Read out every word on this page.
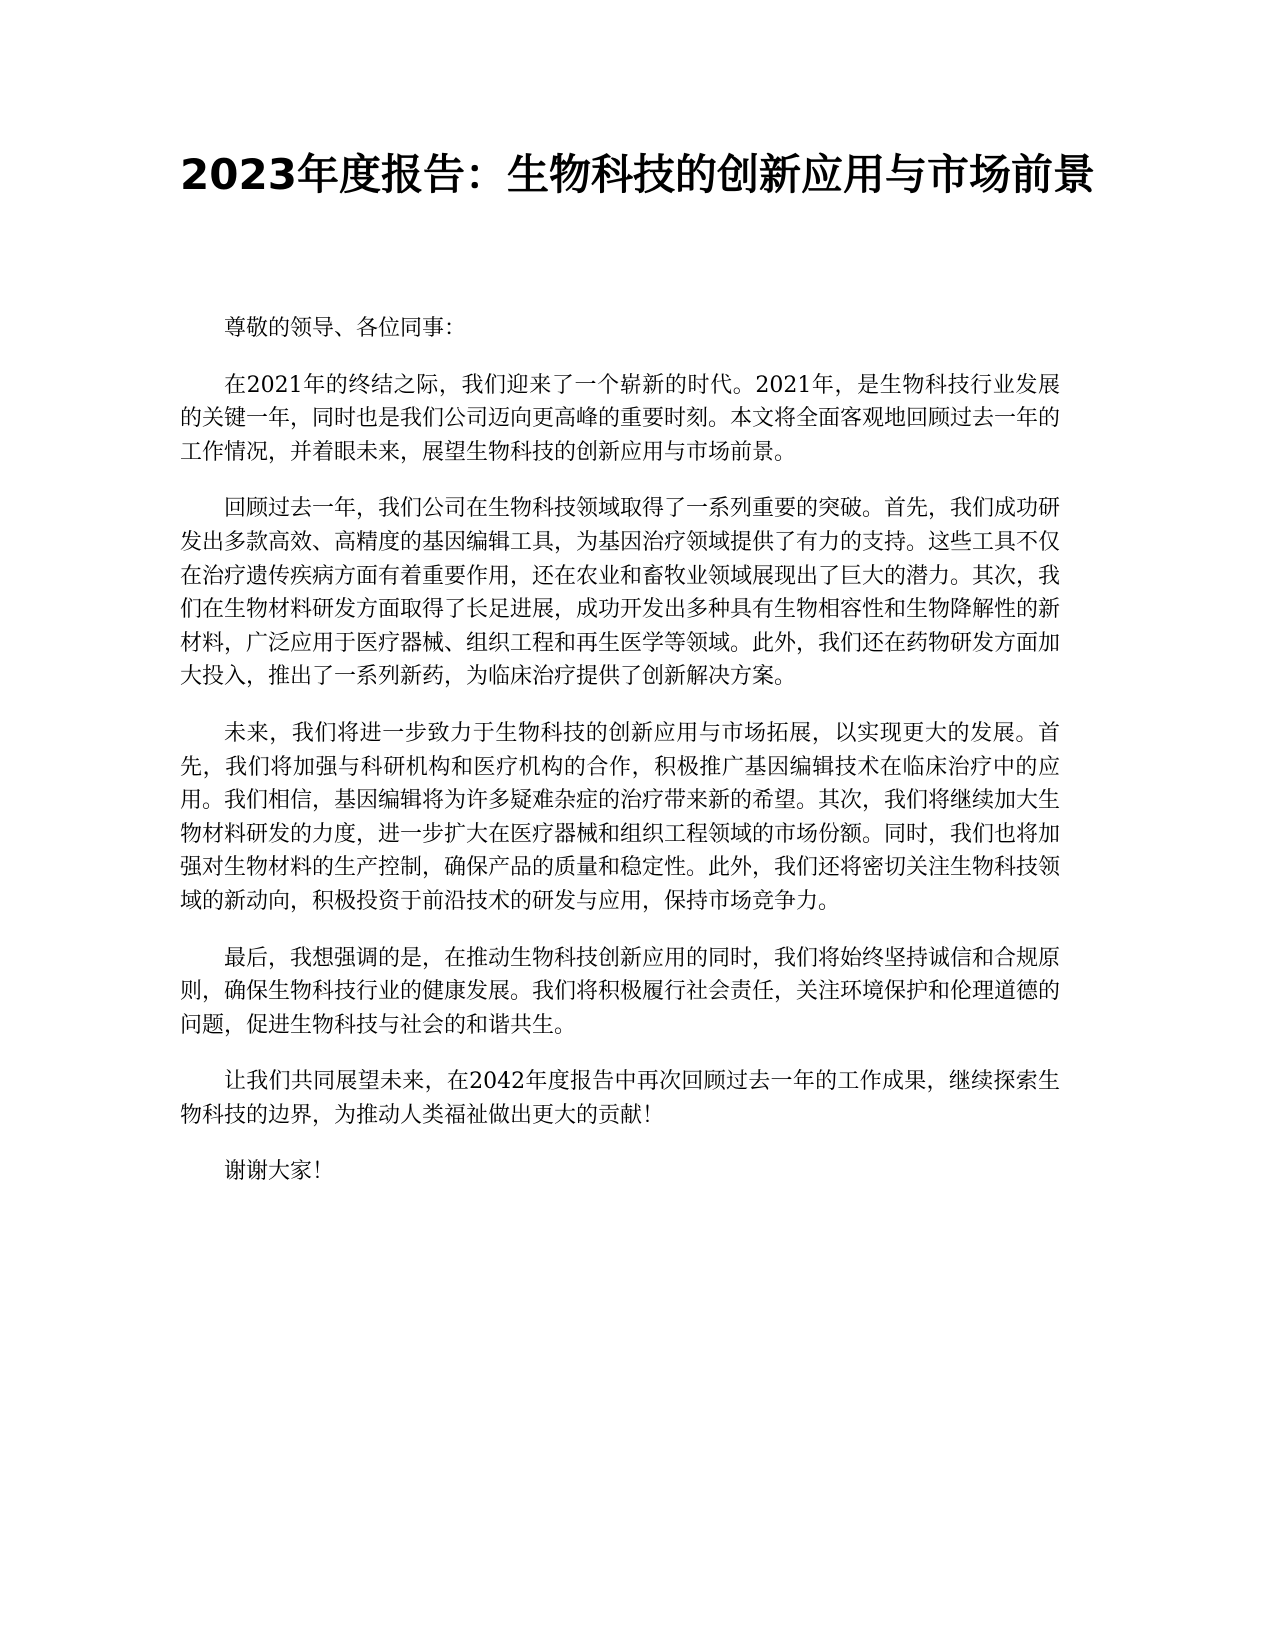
2023年度报告：生物科技的创新应用与市场前景

尊敬的领导、各位同事：

在2021年的终结之际，我们迎来了一个崭新的时代。2021年，是生物科技行业发展的关键一年，同时也是我们公司迈向更高峰的重要时刻。本文将全面客观地回顾过去一年的工作情况，并着眼未来，展望生物科技的创新应用与市场前景。

回顾过去一年，我们公司在生物科技领域取得了一系列重要的突破。首先，我们成功研发出多款高效、高精度的基因编辑工具，为基因治疗领域提供了有力的支持。这些工具不仅在治疗遗传疾病方面有着重要作用，还在农业和畜牧业领域展现出了巨大的潜力。其次，我们在生物材料研发方面取得了长足进展，成功开发出多种具有生物相容性和生物降解性的新材料，广泛应用于医疗器械、组织工程和再生医学等领域。此外，我们还在药物研发方面加大投入，推出了一系列新药，为临床治疗提供了创新解决方案。

未来，我们将进一步致力于生物科技的创新应用与市场拓展，以实现更大的发展。首先，我们将加强与科研机构和医疗机构的合作，积极推广基因编辑技术在临床治疗中的应用。我们相信，基因编辑将为许多疑难杂症的治疗带来新的希望。其次，我们将继续加大生物材料研发的力度，进一步扩大在医疗器械和组织工程领域的市场份额。同时，我们也将加强对生物材料的生产控制，确保产品的质量和稳定性。此外，我们还将密切关注生物科技领域的新动向，积极投资于前沿技术的研发与应用，保持市场竞争力。

最后，我想强调的是，在推动生物科技创新应用的同时，我们将始终坚持诚信和合规原则，确保生物科技行业的健康发展。我们将积极履行社会责任，关注环境保护和伦理道德的问题，促进生物科技与社会的和谐共生。

让我们共同展望未来，在2042年度报告中再次回顾过去一年的工作成果，继续探索生物科技的边界，为推动人类福祉做出更大的贡献！

谢谢大家！
